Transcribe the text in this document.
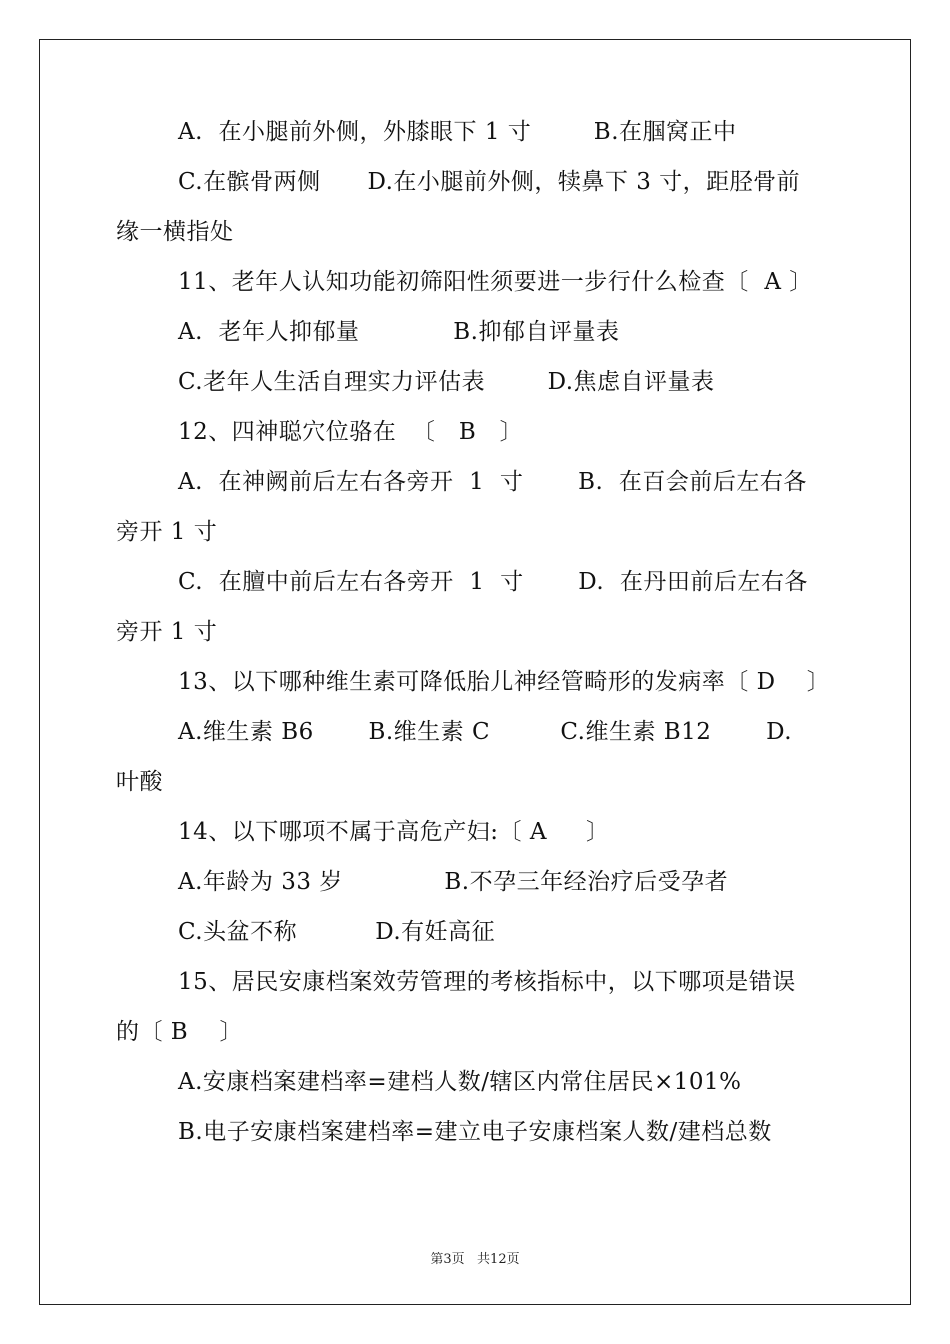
A.  在小腿前外侧，外膝眼下 1 寸        B.在腘窝正中
C.在髌骨两侧      D.在小腿前外侧，犊鼻下 3 寸，距胫骨前
缘一横指处
11、老年人认知功能初筛阳性须要进一步行什么检查〔  A 〕
A.  老年人抑郁量            B.抑郁自评量表
C.老年人生活自理实力评估表        D.焦虑自评量表
12、四神聪穴位骆在  〔   B   〕
A.  在神阙前后左右各旁开  1  寸       B.  在百会前后左右各
旁开 1 寸
C.  在膻中前后左右各旁开  1  寸       D.  在丹田前后左右各
旁开 1 寸
13、以下哪种维生素可降低胎儿神经管畸形的发病率〔 D    〕
A.维生素 B6       B.维生素 C         C.维生素 B12       D.
叶酸
14、以下哪项不属于高危产妇:〔 A     〕
A.年龄为 33 岁             B.不孕三年经治疗后受孕者
C.头盆不称          D.有妊高征
15、居民安康档案效劳管理的考核指标中，以下哪项是错误
的〔 B    〕
A.安康档案建档率=建档人数/辖区内常住居民×101%
B.电子安康档案建档率=建立电子安康档案人数/建档总数
第3页   共12页
